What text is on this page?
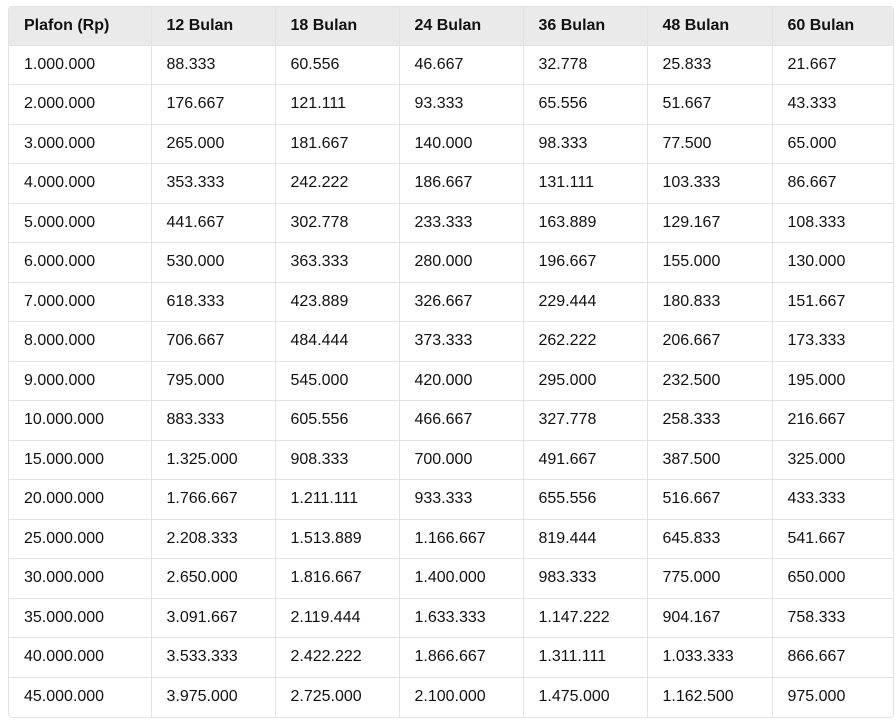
Plafon (Rp)	12 Bulan	18 Bulan	24 Bulan	36 Bulan	48 Bulan	60 Bulan
1.000.000	88.333	60.556	46.667	32.778	25.833	21.667
2.000.000	176.667	121.111	93.333	65.556	51.667	43.333
3.000.000	265.000	181.667	140.000	98.333	77.500	65.000
4.000.000	353.333	242.222	186.667	131.111	103.333	86.667
5.000.000	441.667	302.778	233.333	163.889	129.167	108.333
6.000.000	530.000	363.333	280.000	196.667	155.000	130.000
7.000.000	618.333	423.889	326.667	229.444	180.833	151.667
8.000.000	706.667	484.444	373.333	262.222	206.667	173.333
9.000.000	795.000	545.000	420.000	295.000	232.500	195.000
10.000.000	883.333	605.556	466.667	327.778	258.333	216.667
15.000.000	1.325.000	908.333	700.000	491.667	387.500	325.000
20.000.000	1.766.667	1.211.111	933.333	655.556	516.667	433.333
25.000.000	2.208.333	1.513.889	1.166.667	819.444	645.833	541.667
30.000.000	2.650.000	1.816.667	1.400.000	983.333	775.000	650.000
35.000.000	3.091.667	2.119.444	1.633.333	1.147.222	904.167	758.333
40.000.000	3.533.333	2.422.222	1.866.667	1.311.111	1.033.333	866.667
45.000.000	3.975.000	2.725.000	2.100.000	1.475.000	1.162.500	975.000
